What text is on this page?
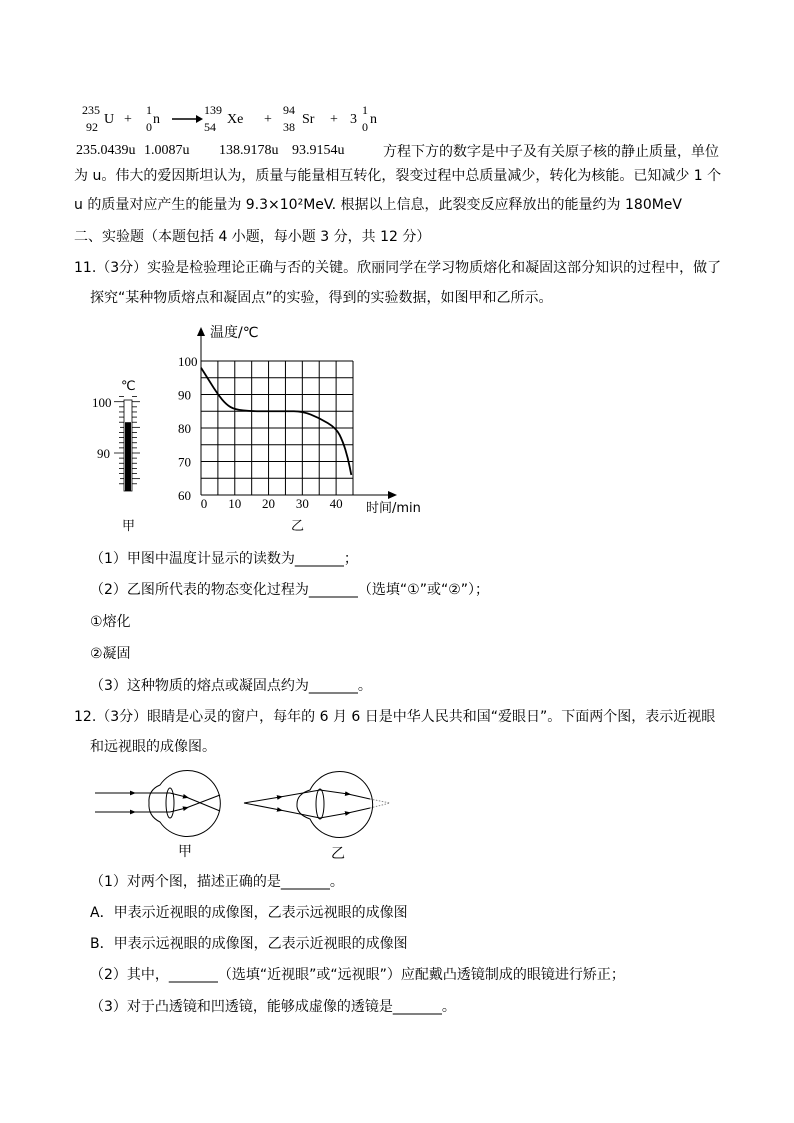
235
92 U +
1
0 n
139
54 Xe +
94
38 Sr + 3
1
0 n
235.0439u 1.0087u 138.9178u 93.9154u	方程下方的数字是中子及有关原子核的静止质量，单位
为 u。伟大的爱因斯坦认为，质量与能量相互转化，裂变过程中总质量减少，转化为核能。已知减少 1 个
u 的质量对应产生的能量为 9.3×10²MeV. 根据以上信息，此裂变反应释放出的能量约为 180MeV
二、实验题（本题包括 4 小题，每小题 3 分，共 12 分）
11.（3分）实验是检验理论正确与否的关键。欣丽同学在学习物质熔化和凝固这部分知识的过程中，做了
探究“某种物质熔点和凝固点”的实验，得到的实验数据，如图甲和乙所示。
℃
100
90
甲
温度/℃
时间/min
60
70
80
90
100
0 10 20 30 40
乙
（1）甲图中温度计显示的读数为_______；
（2）乙图所代表的物态变化过程为_______（选填“①”或“②”）；
①熔化
②凝固
（3）这种物质的熔点或凝固点约为_______。
12.（3分）眼睛是心灵的窗户，每年的 6 月 6 日是中华人民共和国“爱眼日”。下面两个图，表示近视眼
和远视眼的成像图。
甲	乙
（1）对两个图，描述正确的是_______。
A．甲表示近视眼的成像图，乙表示远视眼的成像图
B．甲表示远视眼的成像图，乙表示近视眼的成像图
（2）其中，_______（选填“近视眼”或“远视眼”）应配戴凸透镜制成的眼镜进行矫正；
（3）对于凸透镜和凹透镜，能够成虚像的透镜是_______。
